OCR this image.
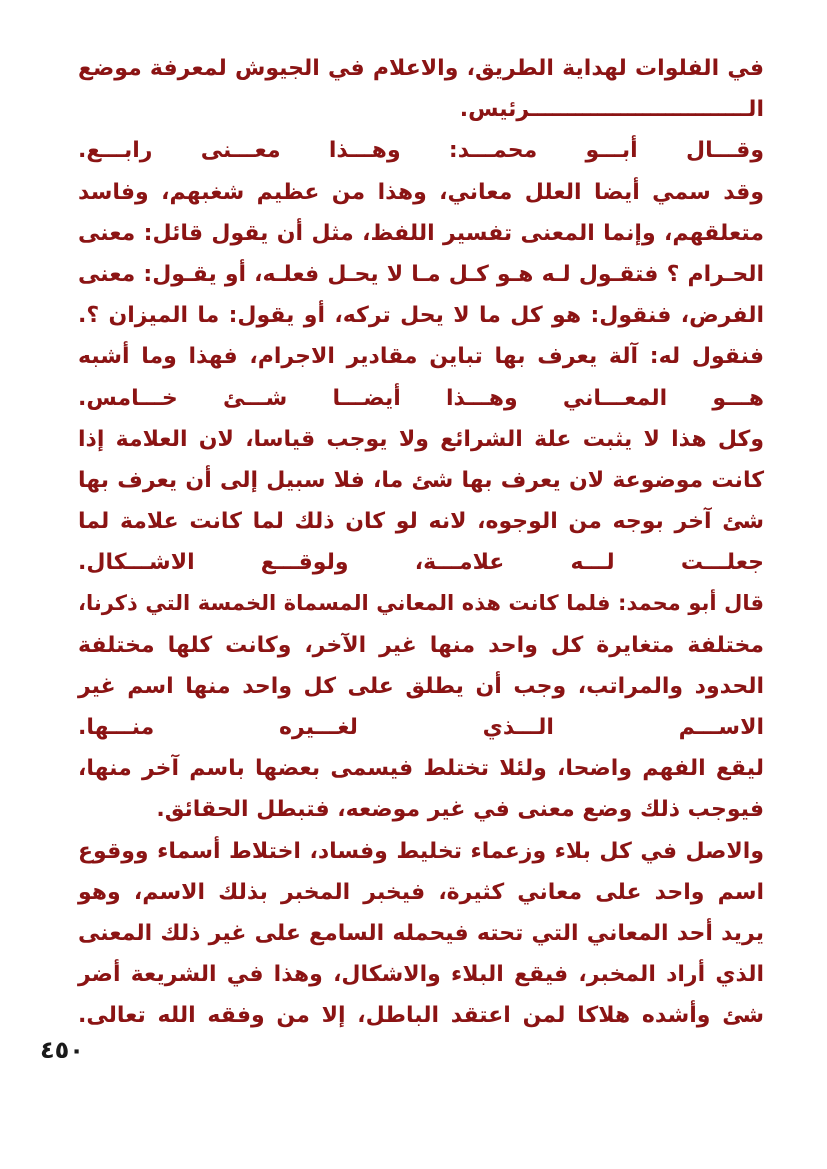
في الفلوات لهداية الطريق، والاعلام في الجيوش لمعرفة موضع
الـــــــــــــــــــــــــــــرئيس.
وقـــال أبـــو محمـــد: وهـــذا معـــنى رابـــع.
وقد سمي أيضا العلل معاني، وهذا من عظيم شغبهم، وفاسد
متعلقهم، وإنما المعنى تفسير اللفظ، مثل أن يقول قائل: معنى
الحـرام ؟ فتقـول لـه هـو كـل مـا لا يحـل فعلـه، أو يقـول: معنى
الفرض، فنقول: هو كل ما لا يحل تركه، أو يقول: ما الميزان ؟.
فنقول له: آلة يعرف بها تباين مقادير الاجرام، فهذا وما أشبه
هـــو المعـــاني وهـــذا أيضـــا شـــئ خـــامس.
وكل هذا لا يثبت علة الشرائع ولا يوجب قياسا، لان العلامة إذا
كانت موضوعة لان يعرف بها شئ ما، فلا سبيل إلى أن يعرف بها
شئ آخر بوجه من الوجوه، لانه لو كان ذلك لما كانت علامة لما
جعلـــت لـــه علامـــة، ولوقـــع الاشـــكال.
قال أبو محمد: فلما كانت هذه المعاني المسماة الخمسة التي ذكرنا،
مختلفة متغايرة كل واحد منها غير الآخر، وكانت كلها مختلفة
الحدود والمراتب، وجب أن يطلق على كل واحد منها اسم غير
الاســـم الـــذي لغـــيره منـــها.
ليقع الفهم واضحا، ولئلا تختلط فيسمى بعضها باسم آخر منها،
فيوجب ذلك وضع معنى في غير موضعه، فتبطل الحقائق.
والاصل في كل بلاء وزعماء تخليط وفساد، اختلاط أسماء ووقوع
اسم واحد على معاني كثيرة، فيخبر المخبر بذلك الاسم، وهو
يريد أحد المعاني التي تحته فيحمله السامع على غير ذلك المعنى
الذي أراد المخبر، فيقع البلاء والاشكال، وهذا في الشريعة أضر
شئ وأشده هلاكا لمن اعتقد الباطل، إلا من وفقه الله تعالى.
٤٥٠
